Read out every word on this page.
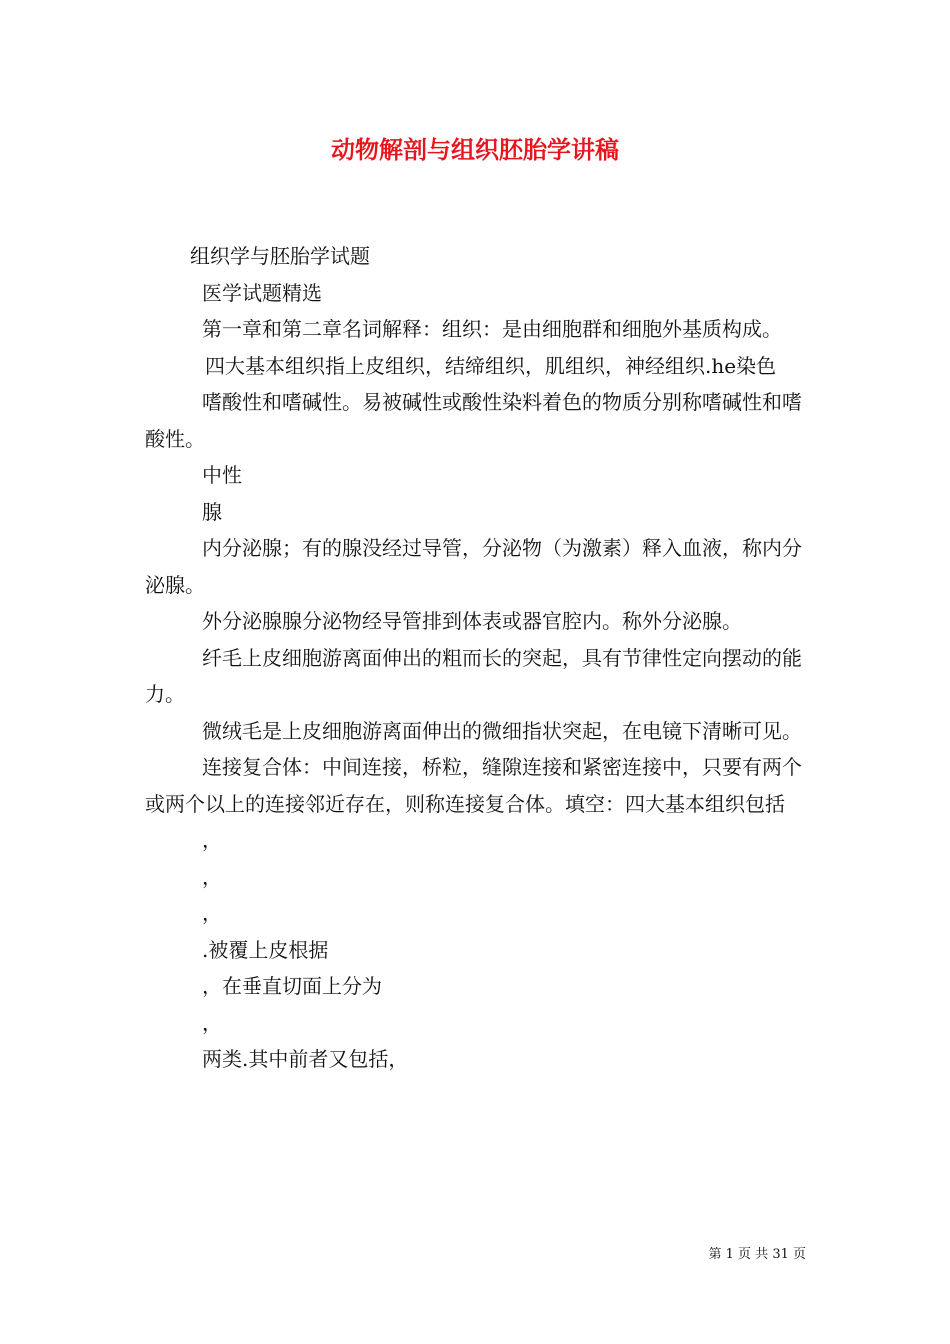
动物解剖与组织胚胎学讲稿

组织学与胚胎学试题

医学试题精选

第一章和第二章名词解释：组织：是由细胞群和细胞外基质构成。

四大基本组织指上皮组织，结缔组织，肌组织，神经组织.he染色

嗜酸性和嗜碱性。易被碱性或酸性染料着色的物质分别称嗜碱性和嗜酸性。

中性

腺

内分泌腺；有的腺没经过导管，分泌物（为激素）释入血液，称内分泌腺。

外分泌腺腺分泌物经导管排到体表或器官腔内。称外分泌腺。

纤毛上皮细胞游离面伸出的粗而长的突起，具有节律性定向摆动的能力。

微绒毛是上皮细胞游离面伸出的微细指状突起，在电镜下清晰可见。

连接复合体：中间连接，桥粒，缝隙连接和紧密连接中，只要有两个或两个以上的连接邻近存在，则称连接复合体。填空：四大基本组织包括

，

，

，

.被覆上皮根据

，在垂直切面上分为

，

两类.其中前者又包括，

第 1 页 共 31 页
